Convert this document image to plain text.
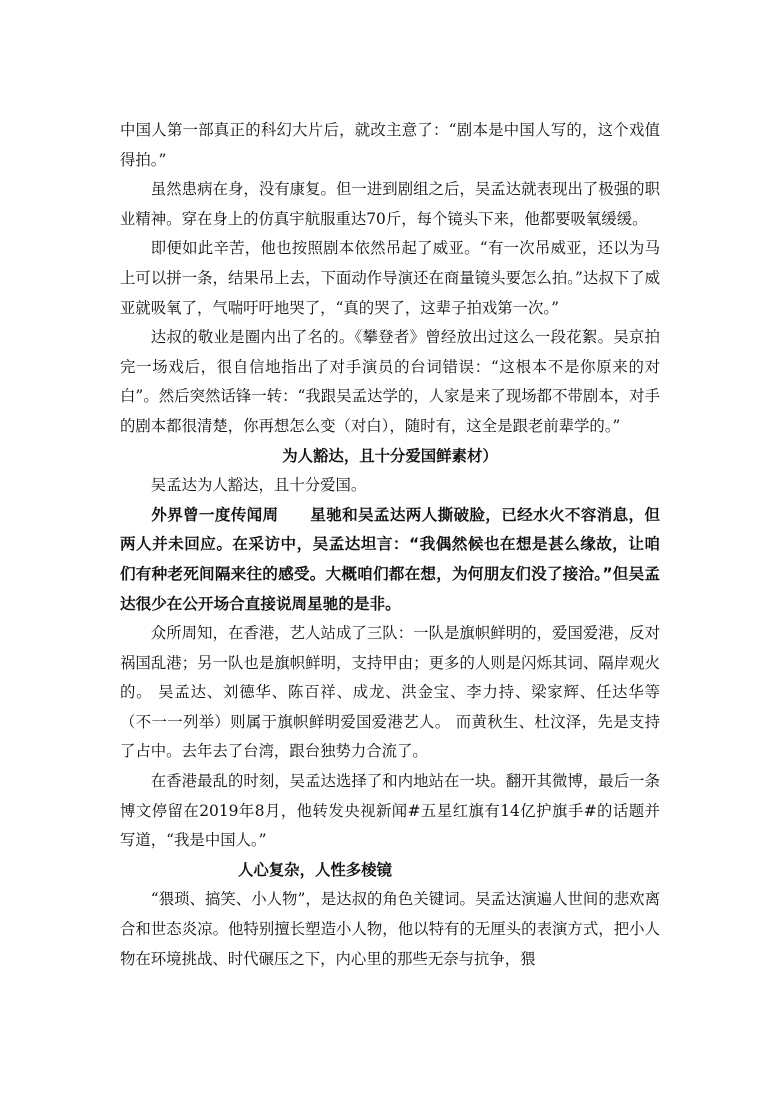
中国人第一部真正的科幻大片后，就改主意了：“剧本是中国人写的，这个戏值得拍。”

虽然患病在身，没有康复。但一进到剧组之后，吴孟达就表现出了极强的职业精神。穿在身上的仿真宇航服重达70斤，每个镜头下来，他都要吸氧缓缓。

即便如此辛苦，他也按照剧本依然吊起了威亚。“有一次吊威亚，还以为马上可以拼一条，结果吊上去，下面动作导演还在商量镜头要怎么拍。”达叔下了威亚就吸氧了，气喘吁吁地哭了，“真的哭了，这辈子拍戏第一次。”

达叔的敬业是圈内出了名的。《攀登者》曾经放出过这么一段花絮。吴京拍完一场戏后，很自信地指出了对手演员的台词错误：“这根本不是你原来的对白”。然后突然话锋一转：“我跟吴孟达学的，人家是来了现场都不带剧本，对手的剧本都很清楚，你再想怎么变（对白），随时有，这全是跟老前辈学的。”

为人豁达，且十分爱国鲜素材）

吴孟达为人豁达，且十分爱国。

外界曾一度传闻周　　星驰和吴孟达两人撕破脸，已经水火不容消息，但两人并未回应。在采访中，吴孟达坦言：“我偶然候也在想是甚么缘故，让咱们有种老死间隔来往的感受。大概咱们都在想，为何朋友们没了接洽。”但吴孟达很少在公开场合直接说周星驰的是非。

众所周知，在香港，艺人站成了三队：一队是旗帜鲜明的，爱国爱港，反对祸国乱港；另一队也是旗帜鲜明，支持甲由；更多的人则是闪烁其词、隔岸观火的。 吴孟达、刘德华、陈百祥、成龙、洪金宝、李力持、梁家辉、任达华等（不一一列举）则属于旗帜鲜明爱国爱港艺人。 而黄秋生、杜汶泽，先是支持了占中。去年去了台湾，跟台独势力合流了。

在香港最乱的时刻，吴孟达选择了和内地站在一块。翻开其微博，最后一条博文停留在2019年8月，他转发央视新闻#五星红旗有14亿护旗手#的话题并写道，“我是中国人。”

人心复杂，人性多棱镜

“猥琐、搞笑、小人物”，是达叔的角色关键词。吴孟达演遍人世间的悲欢离合和世态炎凉。他特别擅长塑造小人物，他以特有的无厘头的表演方式，把小人物在环境挑战、时代碾压之下，内心里的那些无奈与抗争，猥
